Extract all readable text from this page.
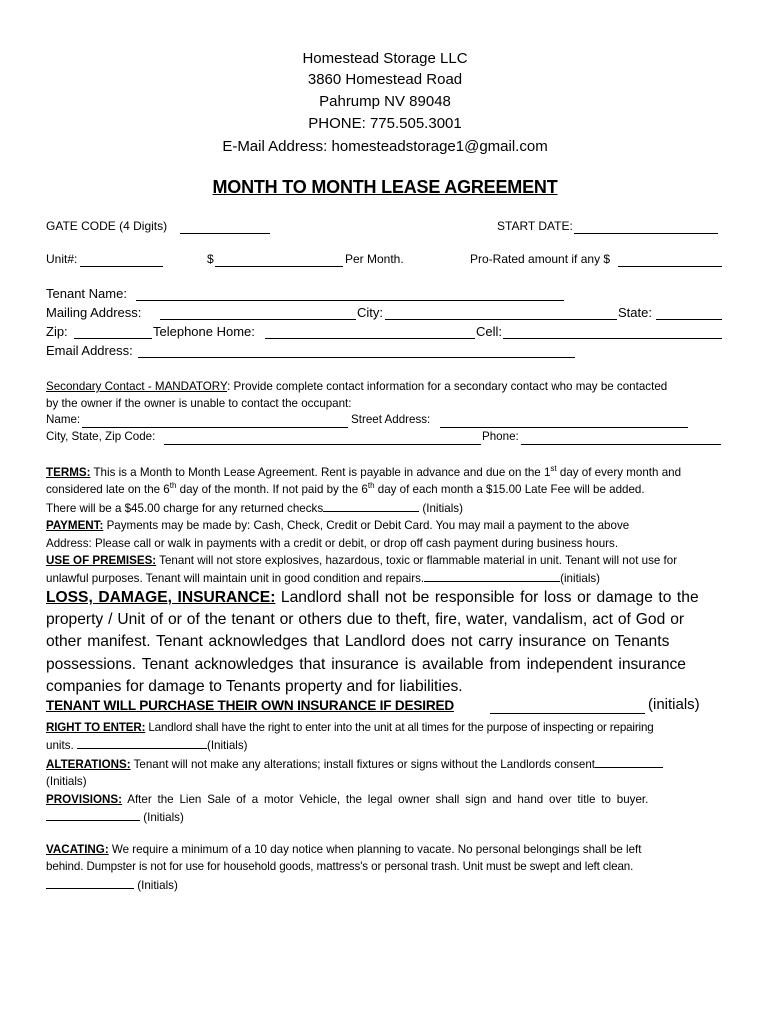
Homestead Storage LLC
3860 Homestead Road
Pahrump NV 89048
PHONE: 775.505.3001
E-Mail Address: homesteadstorage1@gmail.com
MONTH TO MONTH LEASE AGREEMENT
GATE CODE (4 Digits)	START DATE:
Unit#:	$	Per Month.	Pro-Rated amount if any $
Tenant Name:
Mailing Address:	City:	State:
Zip:	Telephone Home:	Cell:
Email Address:
Secondary Contact - MANDATORY: Provide complete contact information for a secondary contact who may be contacted
by the owner if the owner is unable to contact the occupant:
Name:	Street Address:
City, State, Zip Code:	Phone:
TERMS: This is a Month to Month Lease Agreement. Rent is payable in advance and due on the 1st day of every month and
considered late on the 6th day of the month. If not paid by the 6th day of each month a $15.00 Late Fee will be added.
There will be a $45.00 charge for any returned checks	(Initials)
PAYMENT: Payments may be made by: Cash, Check, Credit or Debit Card. You may mail a payment to the above
Address: Please call or walk in payments with a credit or debit, or drop off cash payment during business hours.
USE OF PREMISES: Tenant will not store explosives, hazardous, toxic or flammable material in unit. Tenant will not use for
unlawful purposes. Tenant will maintain unit in good condition and repairs.	(initials)
LOSS, DAMAGE, INSURANCE: Landlord shall not be responsible for loss or damage to the
property / Unit of or of the tenant or others due to theft, fire, water, vandalism, act of God or
other manifest. Tenant acknowledges that Landlord does not carry insurance on Tenants
possessions. Tenant acknowledges that insurance is available from independent insurance
companies for damage to Tenants property and for liabilities.
TENANT WILL PURCHASE THEIR OWN INSURANCE IF DESIRED	(initials)
RIGHT TO ENTER: Landlord shall have the right to enter into the unit at all times for the purpose of inspecting or repairing
units.	(Initials)
ALTERATIONS: Tenant will not make any alterations; install fixtures or signs without the Landlords consent
(Initials)
PROVISIONS: After the Lien Sale of a motor Vehicle, the legal owner shall sign and hand over title to buyer.
(Initials)
VACATING: We require a minimum of a 10 day notice when planning to vacate. No personal belongings shall be left
behind. Dumpster is not for use for household goods, mattress's or personal trash. Unit must be swept and left clean.
(Initials)
